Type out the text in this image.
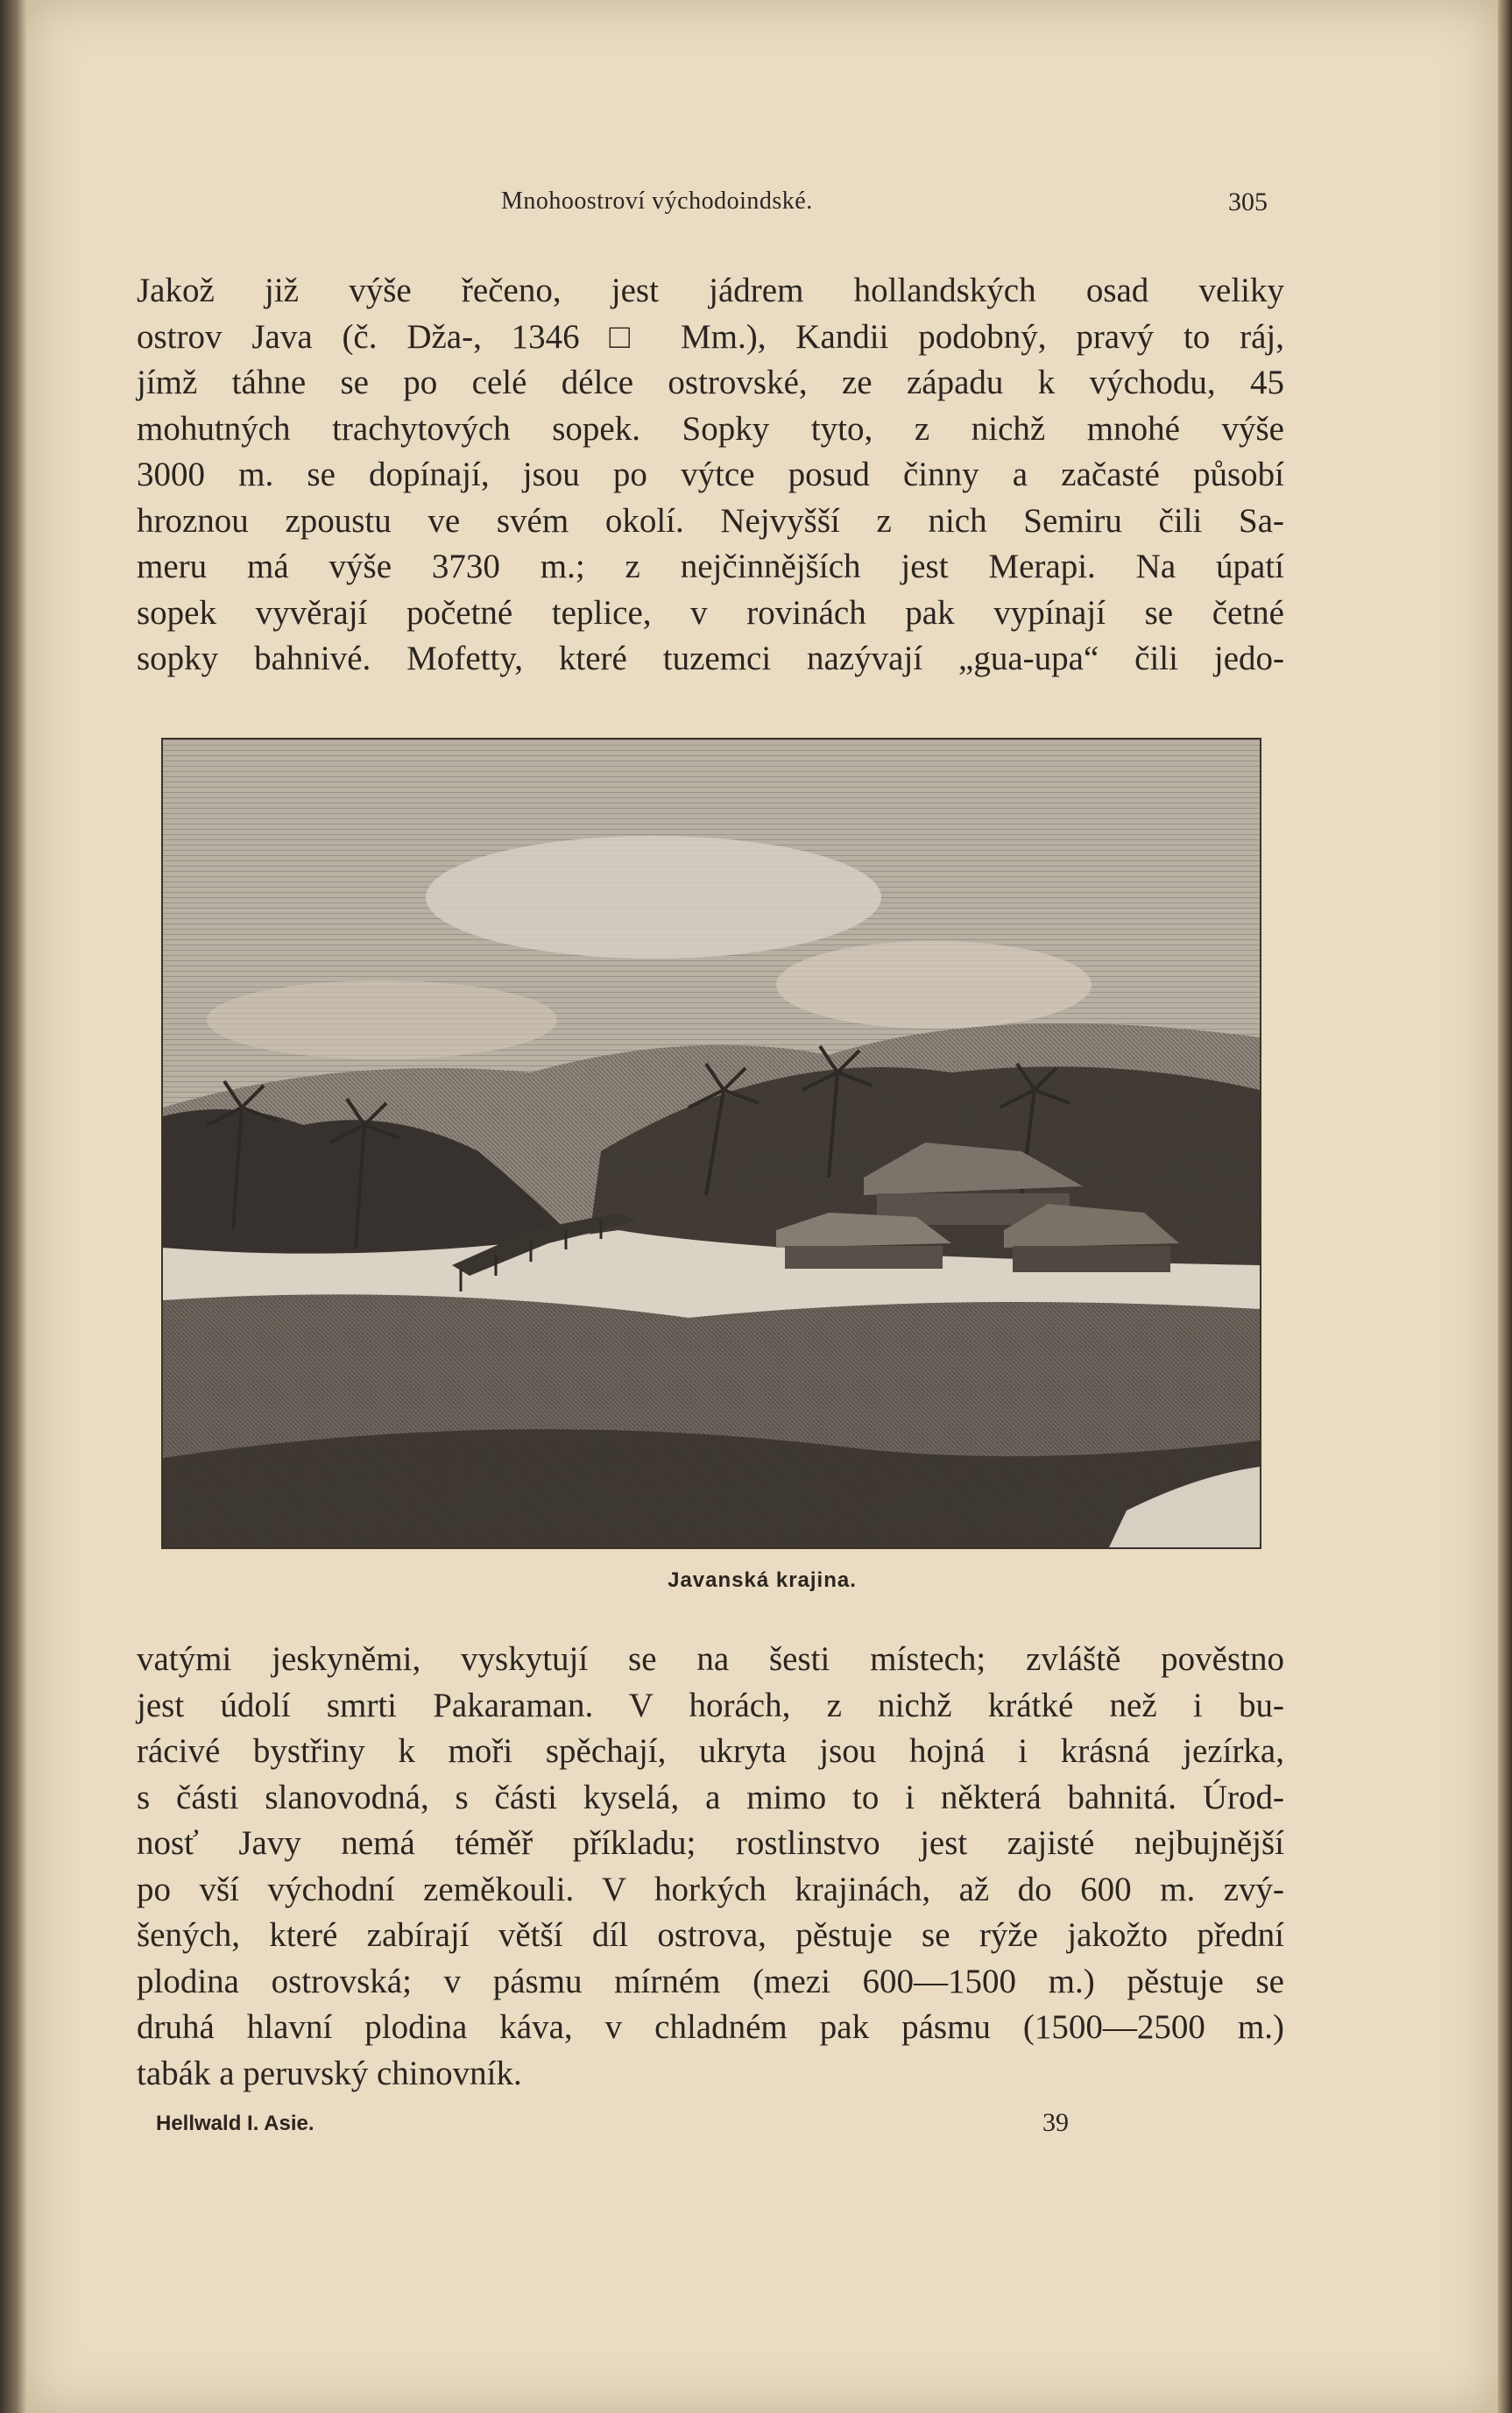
Mnohoostroví východoindské.	305
Jakož již výše řečeno, jest jádrem hollandských osad veliky
ostrov Java (č. Dža-, 1346 □ Mm.), Kandii podobný, pravý to ráj,
jímž táhne se po celé délce ostrovské, ze západu k východu, 45
mohutných trachytových sopek. Sopky tyto, z nichž mnohé výše
3000 m. se dopínají, jsou po výtce posud činny a začasté působí
hroznou zpoustu ve svém okolí. Nejvyšší z nich Semiru čili Sa-
meru má výše 3730 m.; z nejčinnějších jest Merapi. Na úpatí
sopek vyvěrají početné teplice, v rovinách pak vypínají se četné
sopky bahnivé. Mofetty, které tuzemci nazývají „gua-upa“ čili jedo-
Javanská krajina.
vatými jeskyněmi, vyskytují se na šesti místech; zvláště pověstno
jest údolí smrti Pakaraman. V horách, z nichž krátké než i bu-
rácivé bystřiny k moři spěchají, ukryta jsou hojná i krásná jezírka,
s části slanovodná, s části kyselá, a mimo to i některá bahnitá. Úrod-
nosť Javy nemá téměř příkladu; rostlinstvo jest zajisté nejbujnější
po vší východní zeměkouli. V horkých krajinách, až do 600 m. zvý-
šených, které zabírají větší díl ostrova, pěstuje se rýže jakožto přední
plodina ostrovská; v pásmu mírném (mezi 600—1500 m.) pěstuje se
druhá hlavní plodina káva, v chladném pak pásmu (1500—2500 m.)
tabák a peruvský chinovník.
Hellwald I. Asie.	39
